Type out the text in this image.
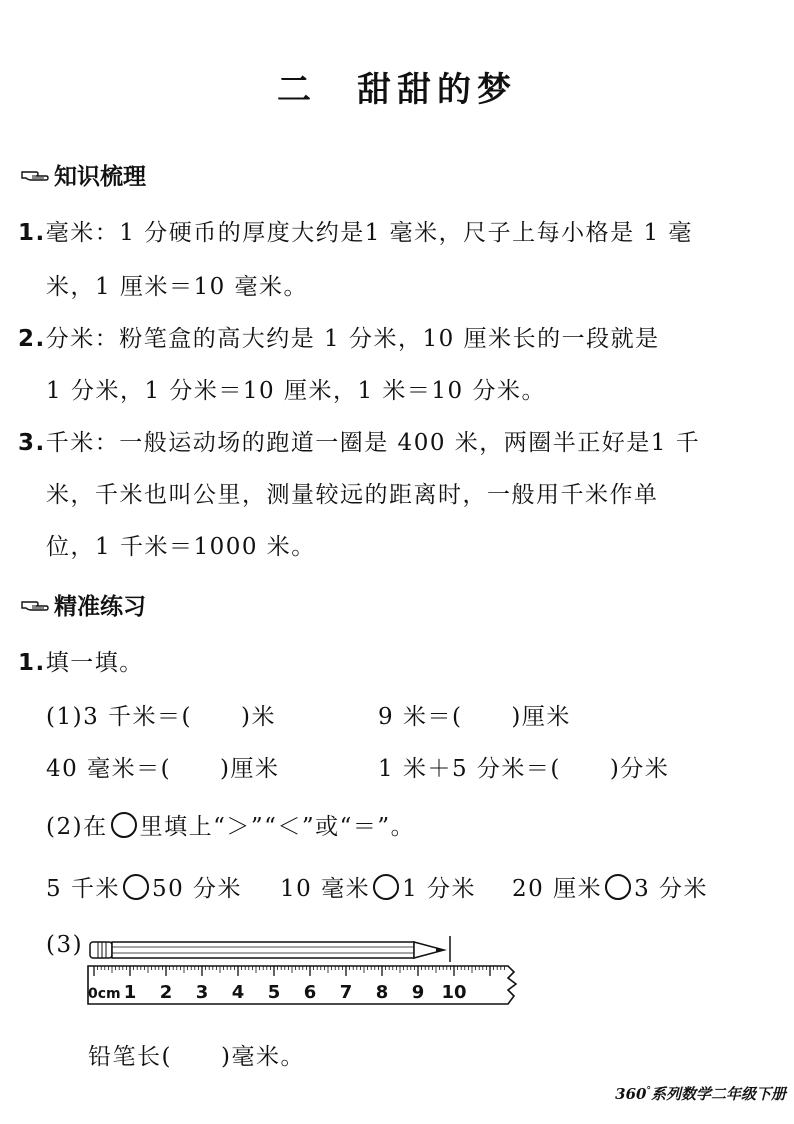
二　甜甜的梦
知识梳理
1.毫米：1 分硬币的厚度大约是1 毫米，尺子上每小格是 1 毫
米，1 厘米＝10 毫米。
2.分米：粉笔盒的高大约是 1 分米，10 厘米长的一段就是
1 分米，1 分米＝10 厘米，1 米＝10 分米。
3.千米：一般运动场的跑道一圈是 400 米，两圈半正好是1 千
米，千米也叫公里，测量较远的距离时，一般用千米作单
位，1 千米＝1000 米。
精准练习
1.填一填。
(1)3 千米＝(　　)米	9 米＝(　　)厘米
40 毫米＝(　　)厘米	1 米＋5 分米＝(　　)分米
(2)在 里填上“＞”“＜”或“＝”。
5 千米 50 分米 10 毫米 1 分米 20 厘米 3 分米
(3)
0cm 1 2 3 4 5 6 7 8 9 10
铅笔长(　　)毫米。
360°系列数学二年级下册
